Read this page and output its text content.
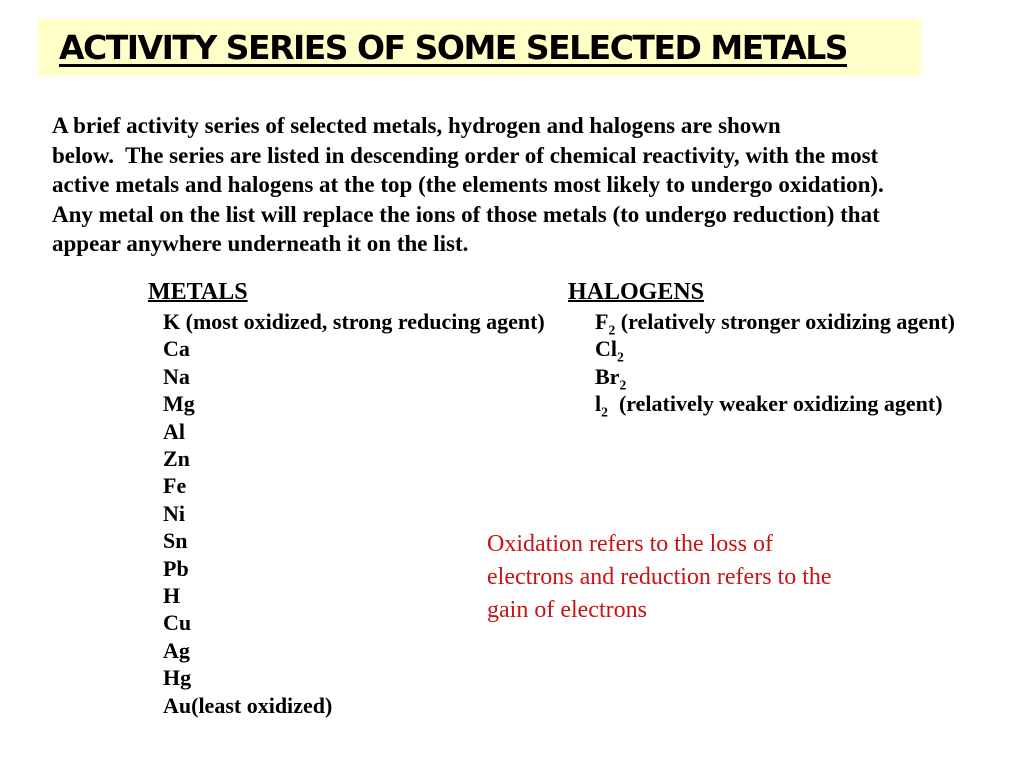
ACTIVITY SERIES OF SOME SELECTED METALS
A brief activity series of selected metals, hydrogen and halogens are shown
below.  The series are listed in descending order of chemical reactivity, with the most
active metals and halogens at the top (the elements most likely to undergo oxidation).
Any metal on the list will replace the ions of those metals (to undergo reduction) that
appear anywhere underneath it on the list.
METALS	HALOGENS
K (most oxidized, strong reducing agent)
Ca
Na
Mg
Al
Zn
Fe
Ni
Sn
Pb
H
Cu
Ag
Hg
Au(least oxidized)
$F_2$ (relatively stronger oxidizing agent)
$Cl_2$
$Br_2$
$l_2$  (relatively weaker oxidizing agent)
Oxidation refers to the loss of
electrons and reduction refers to the
gain of electrons
